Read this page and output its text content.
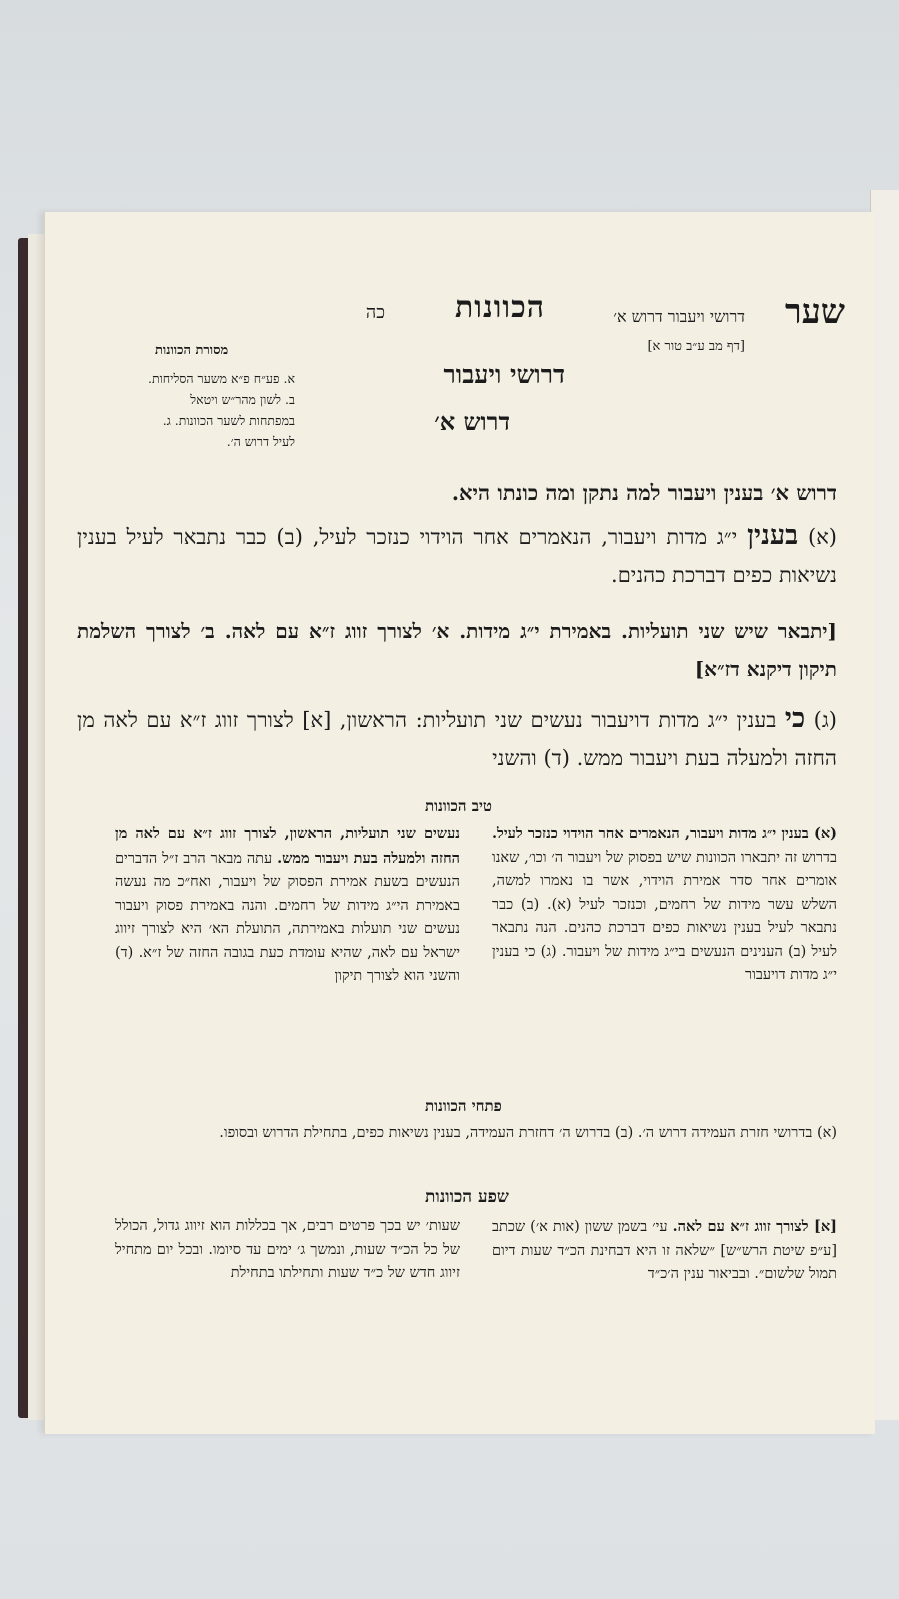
שער
דרושי ויעבור דרוש א׳
הכוונות
כה
[דף מב ע״ב טור א]
דרושי ויעבור
דרוש א׳
מסורת הכוונות
א. פע״ח פ״א משער הסליחות. ב. לשון מהר״ש ויטאל במפתחות לשער הכוונות. ג. לעיל דרוש ה׳.
דרוש א׳ בענין ויעבור למה נתקן ומה כונתו היא.
(א) בענין י״ג מדות ויעבור, הנאמרים אחר הוידוי כנזכר לעיל, (ב) כבר נתבאר לעיל בענין נשיאות כפים דברכת כהנים.
[יתבאר שיש שני תועליות. באמירת י״ג מידות. א׳ לצורך זווג ז״א עם לאה. ב׳ לצורך השלמת תיקון דיקנא דז״א]
(ג) כי בענין י״ג מדות דויעבור נעשים שני תועליות: הראשון, [א] לצורך זווג ז״א עם לאה מן החזה ולמעלה בעת ויעבור ממש. (ד) והשני
טיב הכוונות
(א) בענין י״ג מדות ויעבור, הנאמרים אחר הוידוי כנזכר לעיל. בדרוש זה יתבארו הכוונות שיש בפסוק של ויעבור ה׳ וכו׳, שאנו אומרים אחר סדר אמירת הוידוי, אשר בו נאמרו למשה, השלש עשר מידות של רחמים, וכנזכר לעיל (א). (ב) כבר נתבאר לעיל בענין נשיאות כפים דברכת כהנים. הנה נתבאר לעיל (ב) הענינים הנעשים בי״ג מידות של ויעבור. (ג) כי בענין י״ג מדות דויעבור
נעשים שני תועליות, הראשון, לצורך זווג ז״א עם לאה מן החזה ולמעלה בעת ויעבור ממש. עתה מבאר הרב ז״ל הדברים הנעשים בשעת אמירת הפסוק של ויעבור, ואח״כ מה נעשה באמירת הי״ג מידות של רחמים. והנה באמירת פסוק ויעבור נעשים שני תועלות באמירתה, התועלת הא׳ היא לצורך זיווג ישראל עם לאה, שהיא עומדת כעת בגובה החזה של ז״א. (ד) והשני הוא לצורך תיקון
פתחי הכוונות
(א) בדרושי חזרת העמידה דרוש ה׳. (ב) בדרוש ה׳ דחזרת העמידה, בענין נשיאות כפים, בתחילת הדרוש ובסופו.
שפע הכוונות
[א] לצורך זווג ז״א עם לאה. עי׳ בשמן ששון (אות א׳) שכתב [ע״פ שיטת הרש״ש] ״שלאה זו היא דבחינת הכ״ד שעות דיום תמול שלשום״. ובביאור ענין ה׳כ״ד
שעות׳ יש בכך פרטים רבים, אך בכללות הוא זיווג גדול, הכולל של כל הכ״ד שעות, ונמשך ג׳ ימים עד סיומו. ובכל יום מתחיל זיווג חדש של כ״ד שעות ותחילתו בתחילת
